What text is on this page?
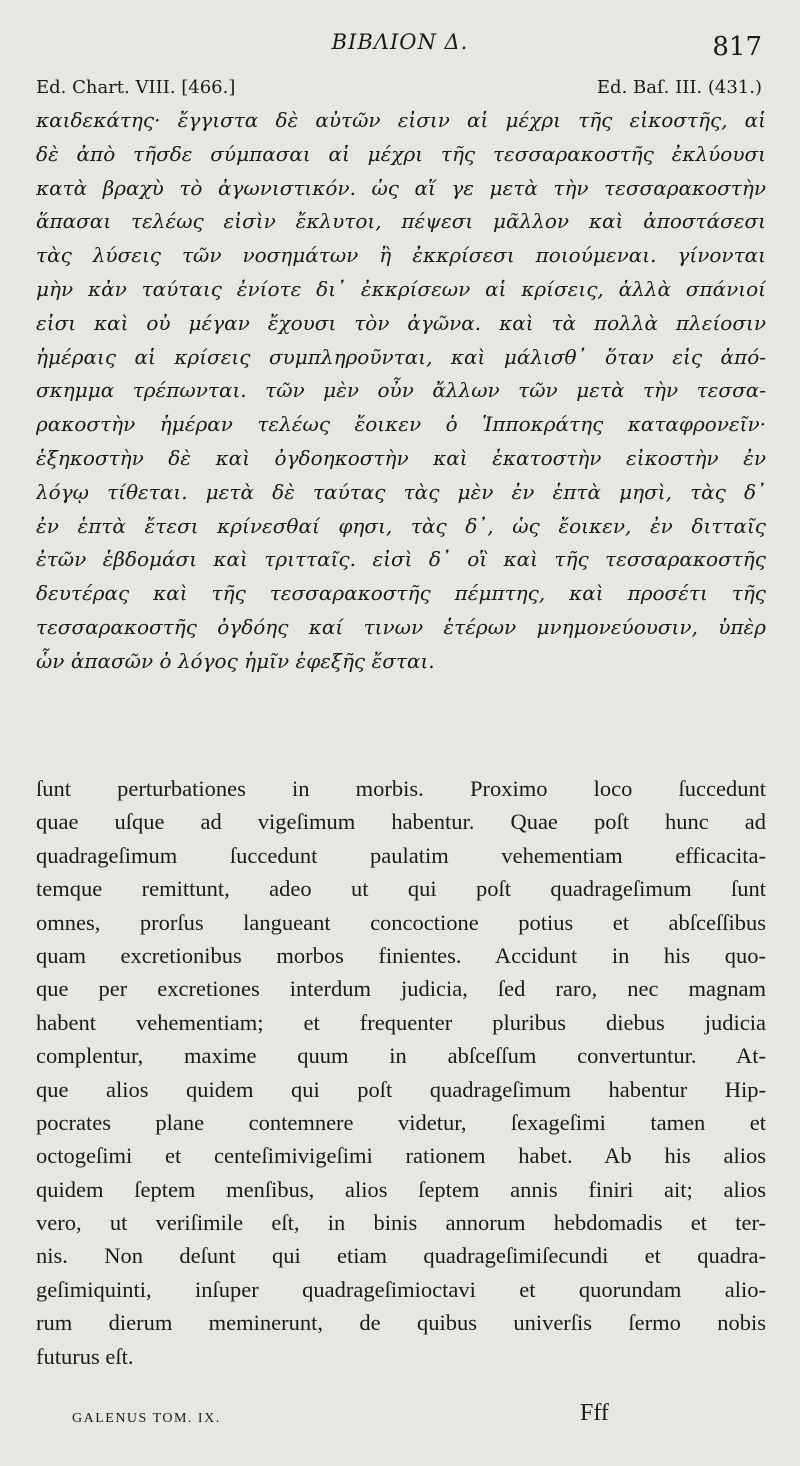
ΒΙΒΛΙΟΝ Δ.	817
Ed. Chart. VIII. [466.]	Ed. Baſ. III. (431.)
καιδεκάτης· ἔγγιστα δὲ αὐτῶν εἰσιν αἱ μέχρι τῆς εἰκοστῆς, αἱ
δὲ ἀπὸ τῆσδε σύμπασαι αἱ μέχρι τῆς τεσσαρακοστῆς ἐκλύουσι
κατὰ βραχὺ τὸ ἀγωνιστικόν. ὡς αἵ γε μετὰ τὴν τεσσαρακοστὴν
ἅπασαι τελέως εἰσὶν ἔκλυτοι, πέψεσι μᾶλλον καὶ ἀποστάσεσι
τὰς λύσεις τῶν νοσημάτων ἢ ἐκκρίσεσι ποιούμεναι. γίνονται
μὴν κἀν ταύταις ἐνίοτε δι᾽ ἐκκρίσεων αἱ κρίσεις, ἀλλὰ σπάνιοί
εἰσι καὶ οὐ μέγαν ἔχουσι τὸν ἀγῶνα. καὶ τὰ πολλὰ πλείοσιν
ἡμέραις αἱ κρίσεις συμπληροῦνται, καὶ μάλισθ᾽ ὅταν εἰς ἀπό-
σκημμα τρέπωνται. τῶν μὲν οὖν ἄλλων τῶν μετὰ τὴν τεσσα-
ρακοστὴν ἡμέραν τελέως ἔοικεν ὁ Ἱπποκράτης καταφρονεῖν·
ἑξηκοστὴν δὲ καὶ ὀγδοηκοστὴν καὶ ἑκατοστὴν εἰκοστὴν ἐν
λόγῳ τίθεται. μετὰ δὲ ταύτας τὰς μὲν ἐν ἑπτὰ μησὶ, τὰς δ᾽
ἐν ἑπτὰ ἔτεσι κρίνεσθαί φησι, τὰς δ᾽, ὡς ἔοικεν, ἐν διτταῖς
ἐτῶν ἑβδομάσι καὶ τριτταῖς. εἰσὶ δ᾽ οἳ καὶ τῆς τεσσαρακοστῆς
δευτέρας καὶ τῆς τεσσαρακοστῆς πέμπτης, καὶ προσέτι τῆς
τεσσαρακοστῆς ὀγδόης καί τινων ἑτέρων μνημονεύουσιν, ὑπὲρ
ὧν ἁπασῶν ὁ λόγος ἡμῖν ἐφεξῆς ἔσται.
ſunt perturbationes in morbis. Proximo loco ſuccedunt
quae uſque ad vigeſimum habentur. Quae poſt hunc ad
quadrageſimum ſuccedunt paulatim vehementiam efficacita-
temque remittunt, adeo ut qui poſt quadrageſimum ſunt
omnes, prorſus langueant concoctione potius et abſceſſibus
quam excretionibus morbos finientes. Accidunt in his quo-
que per excretiones interdum judicia, ſed raro, nec magnam
habent vehementiam; et frequenter pluribus diebus judicia
complentur, maxime quum in abſceſſum convertuntur. At-
que alios quidem qui poſt quadrageſimum habentur Hip-
pocrates plane contemnere videtur, ſexageſimi tamen et
octogeſimi et centeſimivigeſimi rationem habet. Ab his alios
quidem ſeptem menſibus, alios ſeptem annis finiri ait; alios
vero, ut veriſimile eſt, in binis annorum hebdomadis et ter-
nis. Non deſunt qui etiam quadrageſimiſecundi et quadra-
geſimiquinti, inſuper quadrageſimioctavi et quorundam alio-
rum dierum meminerunt, de quibus univerſis ſermo nobis
futurus eſt.
GALENUS TOM. IX.	Fff
